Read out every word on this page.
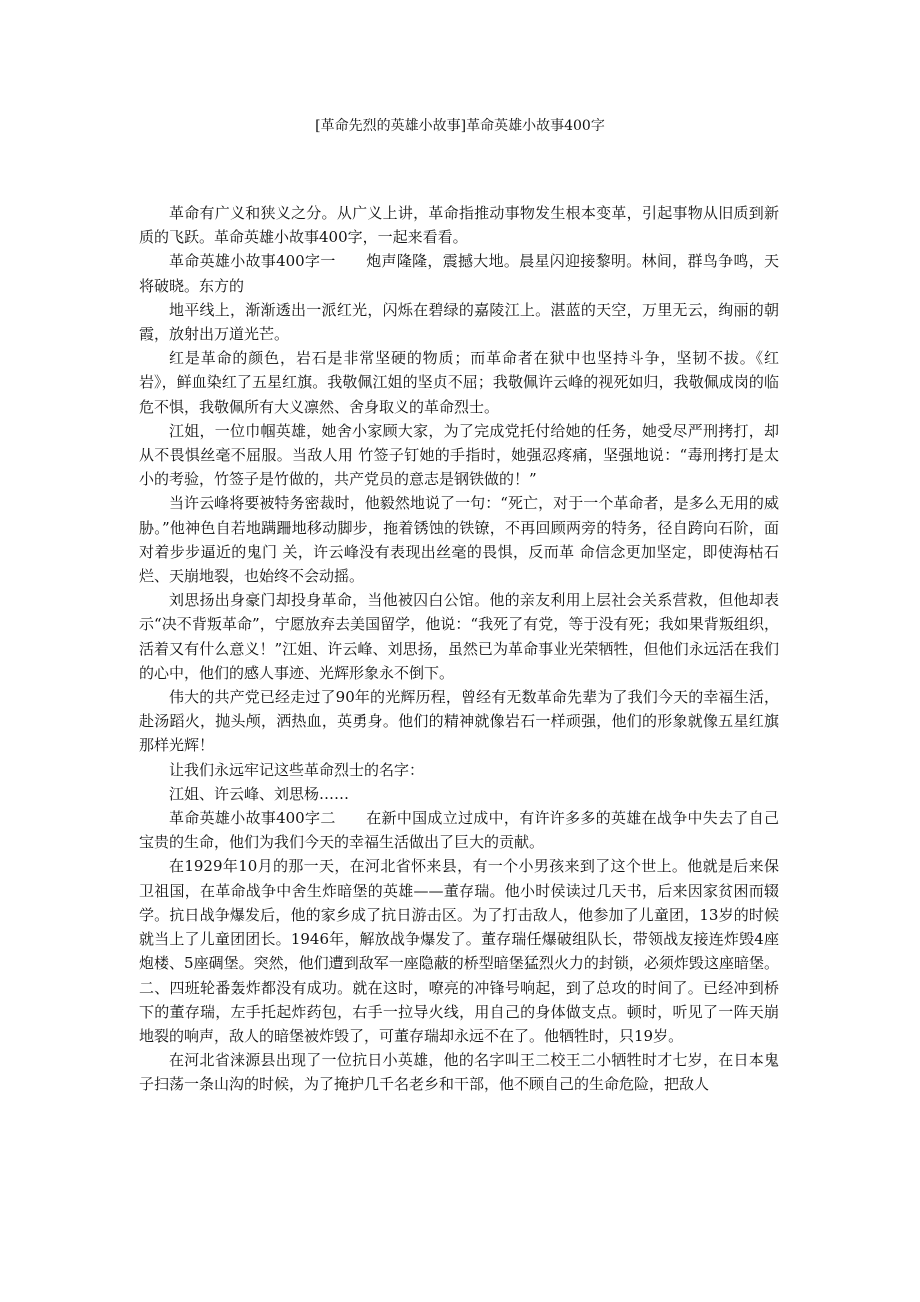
[革命先烈的英雄小故事]革命英雄小故事400字

革命有广义和狭义之分。从广义上讲，革命指推动事物发生根本变革，引起事物从旧质到新质的飞跃。革命英雄小故事400字，一起来看看。

革命英雄小故事400字一　　炮声隆隆，震撼大地。晨星闪迎接黎明。林间，群鸟争鸣，天将破晓。东方的

地平线上，渐渐透出一派红光，闪烁在碧绿的嘉陵江上。湛蓝的天空，万里无云，绚丽的朝霞，放射出万道光芒。

红是革命的颜色，岩石是非常坚硬的物质；而革命者在狱中也坚持斗争，坚韧不拔。《红岩》，鲜血染红了五星红旗。我敬佩江姐的坚贞不屈；我敬佩许云峰的视死如归，我敬佩成岗的临危不惧，我敬佩所有大义凛然、舍身取义的革命烈士。

江姐，一位巾帼英雄，她舍小家顾大家，为了完成党托付给她的任务，她受尽严刑拷打，却从不畏惧丝毫不屈服。当敌人用 竹签子钉她的手指时，她强忍疼痛，坚强地说：“毒刑拷打是太小的考验，竹签子是竹做的，共产党员的意志是钢铁做的！”

当许云峰将要被特务密裁时，他毅然地说了一句：“死亡，对于一个革命者，是多么无用的威胁。”他神色自若地蹒跚地移动脚步，拖着锈蚀的铁镣，不再回顾两旁的特务，径自跨向石阶，面对着步步逼近的鬼门 关，许云峰没有表现出丝毫的畏惧，反而革 命信念更加坚定，即使海枯石烂、天崩地裂，也始终不会动摇。

刘思扬出身豪门却投身革命，当他被囚白公馆。他的亲友利用上层社会关系营救，但他却表示“决不背叛革命”，宁愿放弃去美国留学，他说：“我死了有党，等于没有死；我如果背叛组织，活着又有什么意义！”江姐、许云峰、刘思扬，虽然已为革命事业光荣牺牲，但他们永远活在我们的心中，他们的感人事迹、光辉形象永不倒下。

伟大的共产党已经走过了90年的光辉历程，曾经有无数革命先辈为了我们今天的幸福生活，赴汤蹈火，抛头颅，洒热血，英勇身。他们的精神就像岩石一样顽强，他们的形象就像五星红旗那样光辉！

让我们永远牢记这些革命烈士的名字：

江姐、许云峰、刘思杨……

革命英雄小故事400字二　　在新中国成立过成中，有许许多多的英雄在战争中失去了自己宝贵的生命，他们为我们今天的幸福生活做出了巨大的贡献。

在1929年10月的那一天，在河北省怀来县，有一个小男孩来到了这个世上。他就是后来保卫祖国，在革命战争中舍生炸暗堡的英雄——董存瑞。他小时侯读过几天书，后来因家贫困而辍学。抗日战争爆发后，他的家乡成了抗日游击区。为了打击敌人，他参加了儿童团，13岁的时候就当上了儿童团团长。1946年，解放战争爆发了。董存瑞任爆破组队长，带领战友接连炸毁4座炮楼、5座碉堡。突然，他们遭到敌军一座隐蔽的桥型暗堡猛烈火力的封锁，必须炸毁这座暗堡。二、四班轮番轰炸都没有成功。就在这时，嘹亮的冲锋号响起，到了总攻的时间了。已经冲到桥下的董存瑞，左手托起炸药包，右手一拉导火线，用自己的身体做支点。顿时，听见了一阵天崩地裂的响声，敌人的暗堡被炸毁了，可董存瑞却永远不在了。他牺牲时，只19岁。

在河北省涞源县出现了一位抗日小英雄，他的名字叫王二校王二小牺牲时才七岁，在日本鬼子扫荡一条山沟的时候，为了掩护几千名老乡和干部，他不顾自己的生命危险，把敌人
